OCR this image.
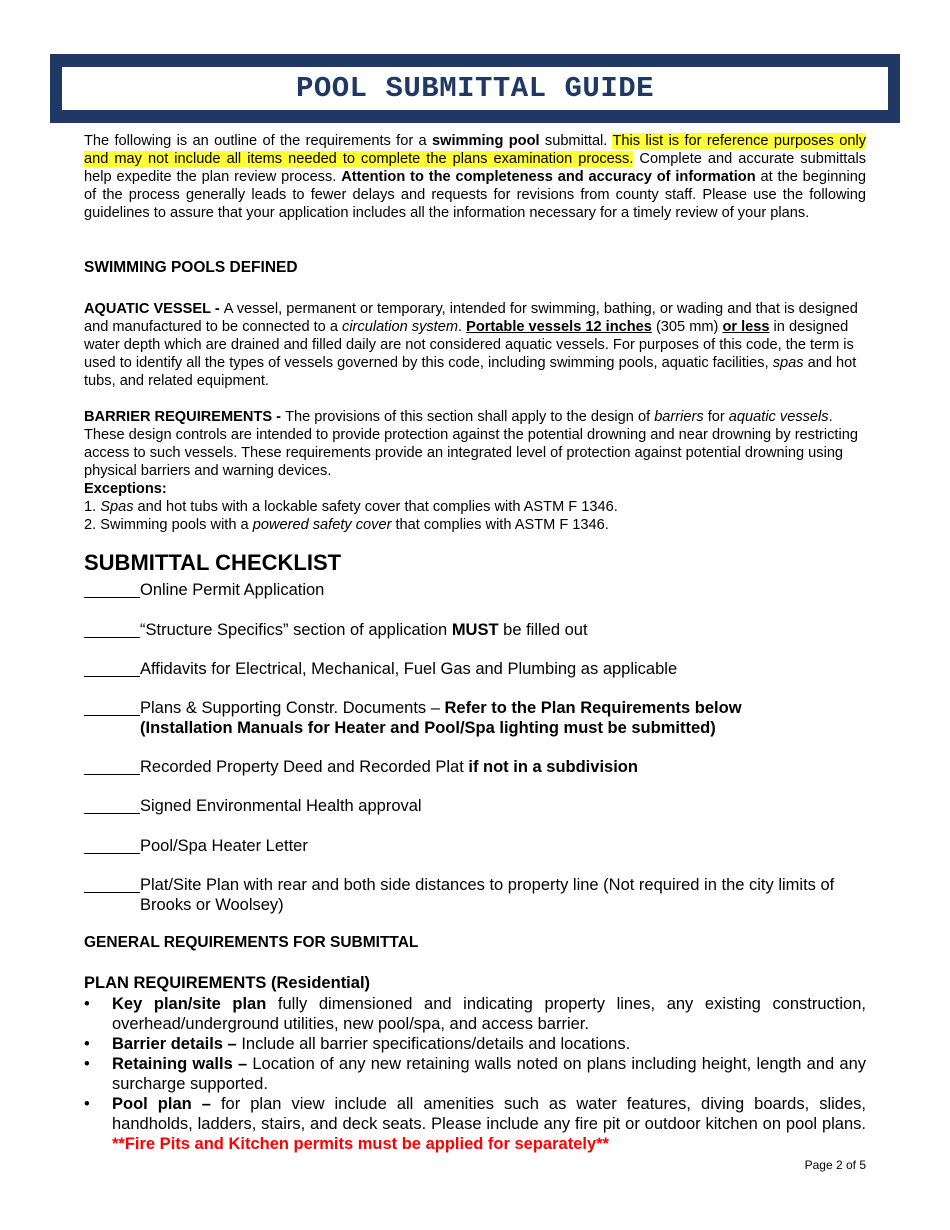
POOL SUBMITTAL GUIDE

The following is an outline of the requirements for a swimming pool submittal. This list is for reference purposes only and may not include all items needed to complete the plans examination process. Complete and accurate submittals help expedite the plan review process. Attention to the completeness and accuracy of information at the beginning of the process generally leads to fewer delays and requests for revisions from county staff. Please use the following guidelines to assure that your application includes all the information necessary for a timely review of your plans.

SWIMMING POOLS DEFINED

AQUATIC VESSEL - A vessel, permanent or temporary, intended for swimming, bathing, or wading and that is designed and manufactured to be connected to a circulation system. Portable vessels 12 inches (305 mm) or less in designed water depth which are drained and filled daily are not considered aquatic vessels. For purposes of this code, the term is used to identify all the types of vessels governed by this code, including swimming pools, aquatic facilities, spas and hot tubs, and related equipment.

BARRIER REQUIREMENTS - The provisions of this section shall apply to the design of barriers for aquatic vessels. These design controls are intended to provide protection against the potential drowning and near drowning by restricting access to such vessels. These requirements provide an integrated level of protection against potential drowning using physical barriers and warning devices.

Exceptions:

1. Spas and hot tubs with a lockable safety cover that complies with ASTM F 1346.

2. Swimming pools with a powered safety cover that complies with ASTM F 1346.

SUBMITTAL CHECKLIST
Online Permit Application
“Structure Specifics” section of application MUST be filled out
Affidavits for Electrical, Mechanical, Fuel Gas and Plumbing as applicable
Plans & Supporting Constr. Documents – Refer to the Plan Requirements below
(Installation Manuals for Heater and Pool/Spa lighting must be submitted)
Recorded Property Deed and Recorded Plat if not in a subdivision
Signed Environmental Health approval
Pool/Spa Heater Letter
Plat/Site Plan with rear and both side distances to property line (Not required in the city limits of Brooks or Woolsey)
GENERAL REQUIREMENTS FOR SUBMITTAL
PLAN REQUIREMENTS (Residential)
• Key plan/site plan fully dimensioned and indicating property lines, any existing construction, overhead/underground utilities, new pool/spa, and access barrier.
• Barrier details – Include all barrier specifications/details and locations.
• Retaining walls – Location of any new retaining walls noted on plans including height, length and any surcharge supported.
• Pool plan – for plan view include all amenities such as water features, diving boards, slides, handholds, ladders, stairs, and deck seats. Please include any fire pit or outdoor kitchen on pool plans. **Fire Pits and Kitchen permits must be applied for separately**
Page 2 of 5
